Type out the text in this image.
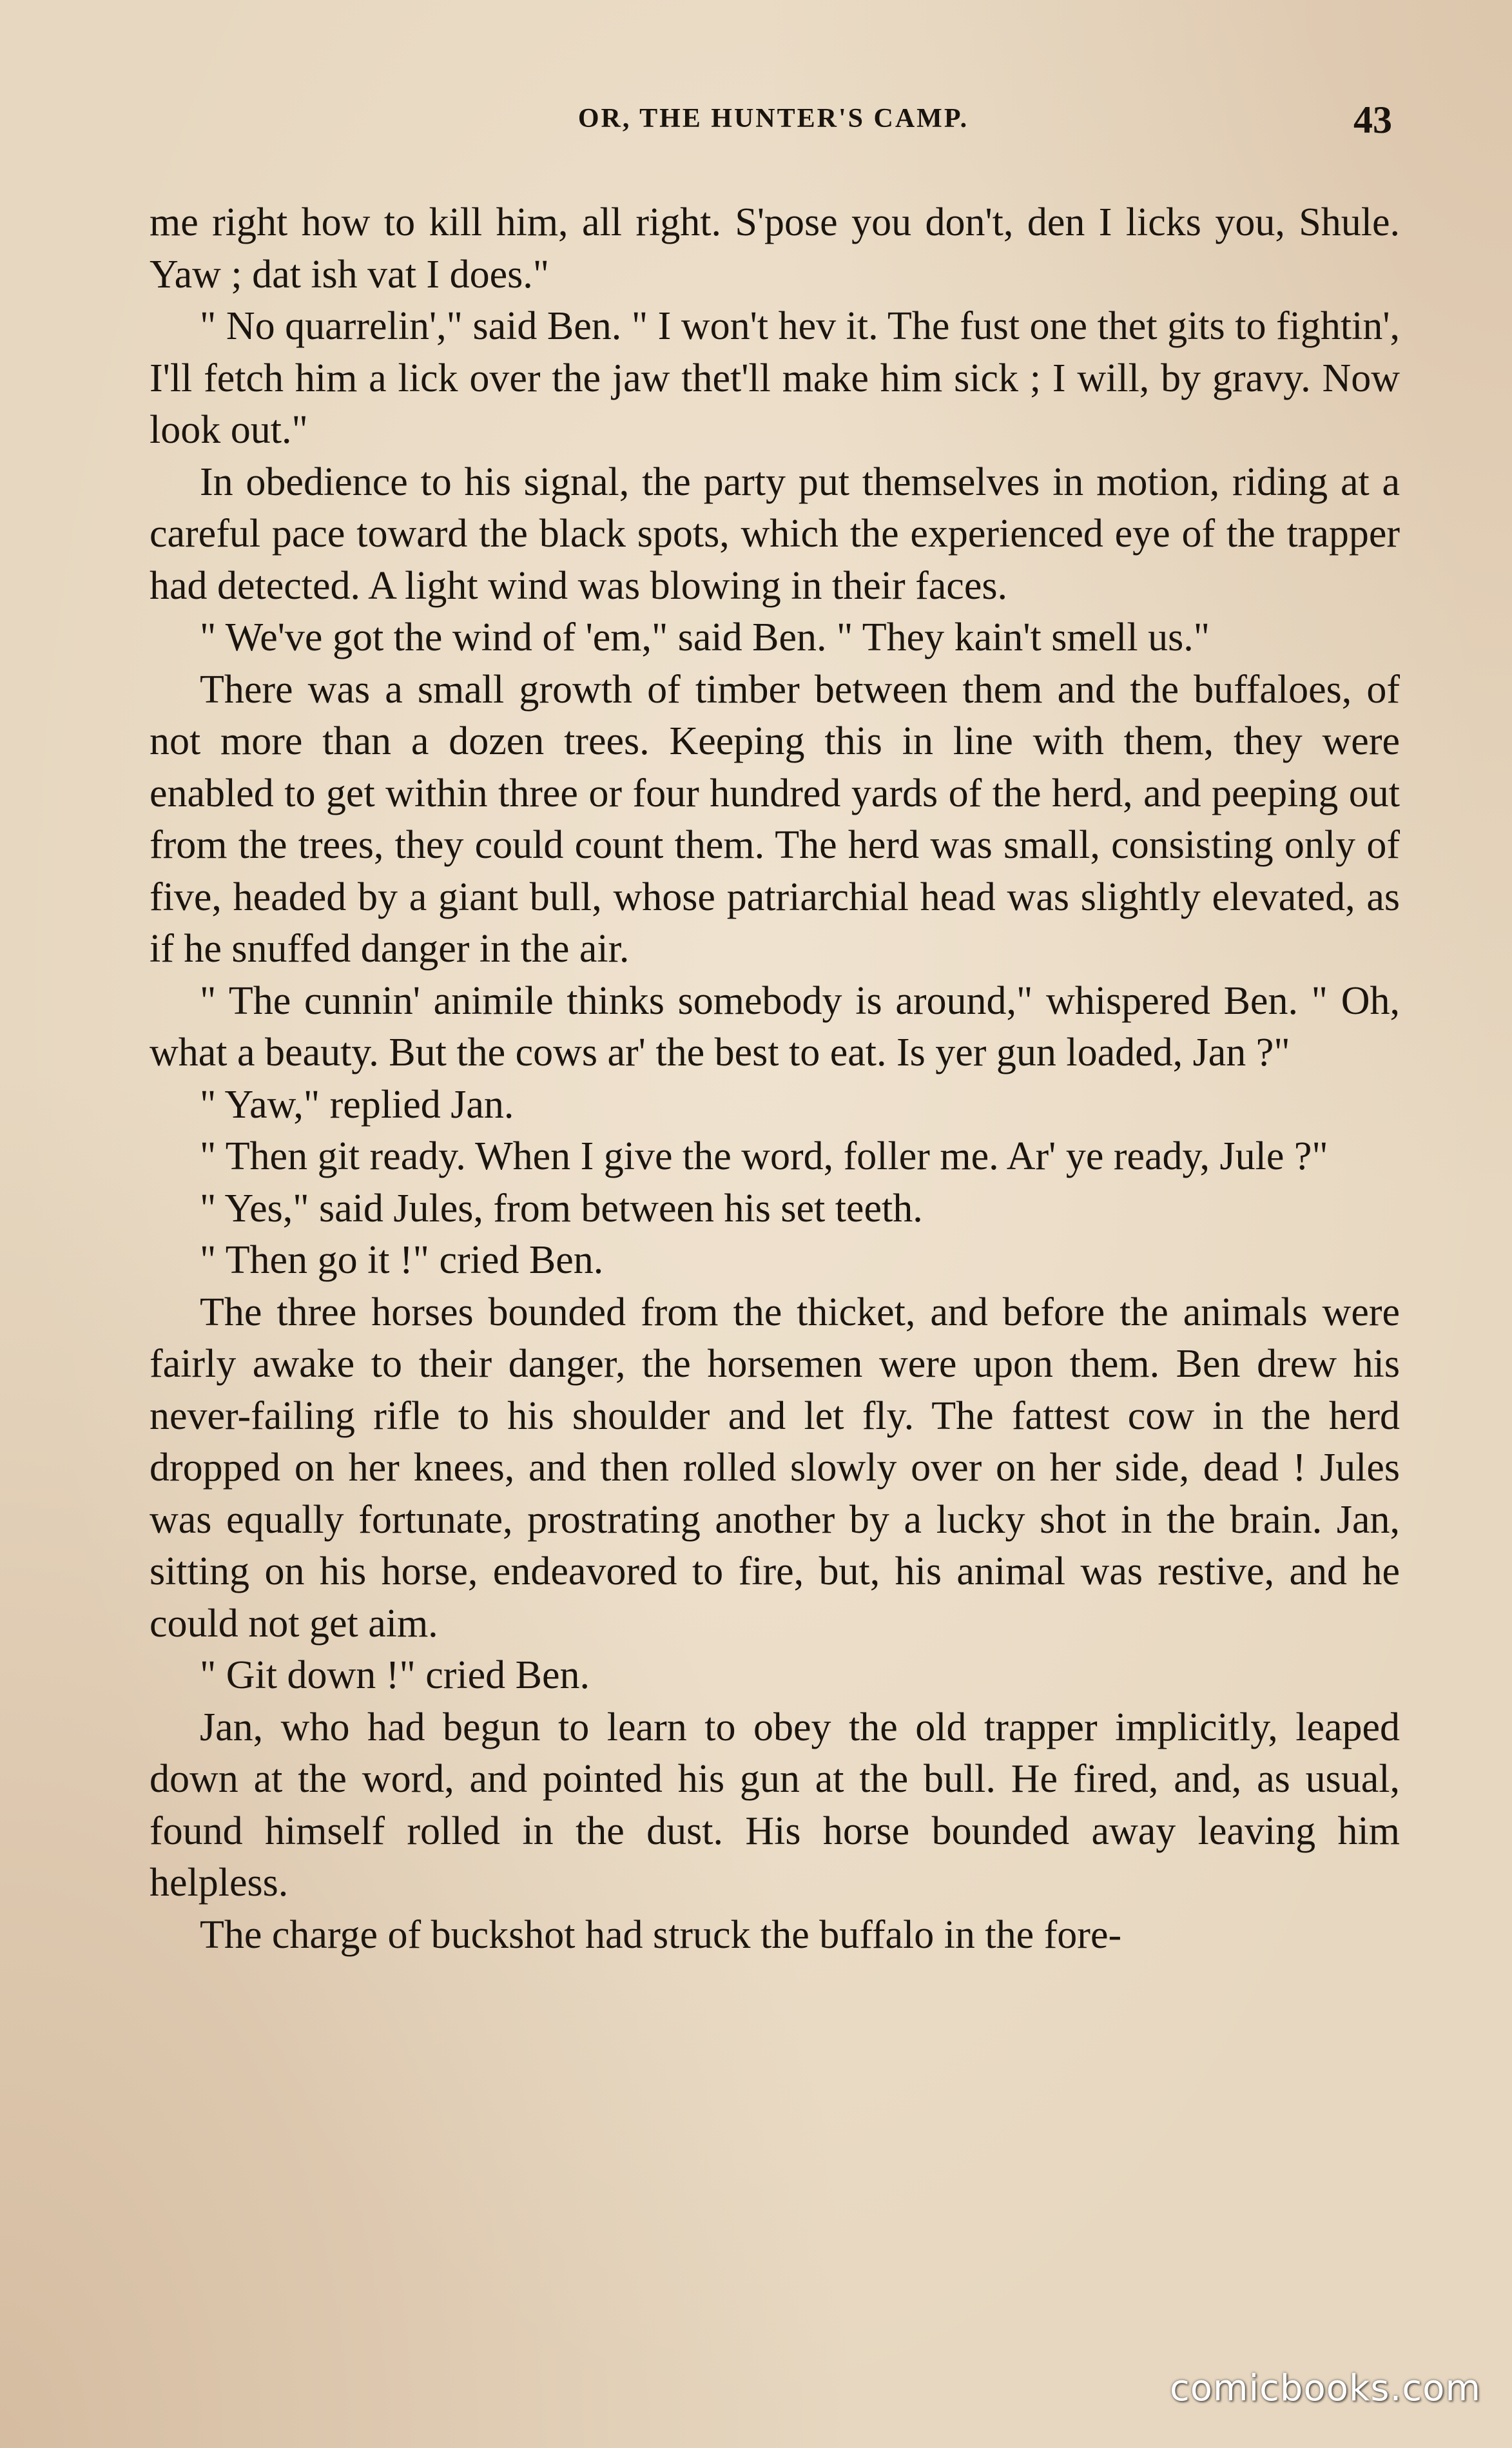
OR, THE HUNTER'S CAMP.	43

me right how to kill him, all right. S'pose you don't, den I licks you, Shule. Yaw ; dat ish vat I does."

" No quarrelin'," said Ben. " I won't hev it. The fust one thet gits to fightin', I'll fetch him a lick over the jaw thet'll make him sick ; I will, by gravy. Now look out."

In obedience to his signal, the party put themselves in motion, riding at a careful pace toward the black spots, which the experienced eye of the trapper had detected. A light wind was blowing in their faces.

" We've got the wind of 'em," said Ben. " They kain't smell us."

There was a small growth of timber between them and the buffaloes, of not more than a dozen trees. Keeping this in line with them, they were enabled to get within three or four hundred yards of the herd, and peeping out from the trees, they could count them. The herd was small, consisting only of five, headed by a giant bull, whose patriarchial head was slightly elevated, as if he snuffed danger in the air.

" The cunnin' animile thinks somebody is around," whispered Ben. " Oh, what a beauty. But the cows ar' the best to eat. Is yer gun loaded, Jan ?"

" Yaw," replied Jan.

" Then git ready. When I give the word, foller me. Ar' ye ready, Jule ?"

" Yes," said Jules, from between his set teeth.

" Then go it !" cried Ben.

The three horses bounded from the thicket, and before the animals were fairly awake to their danger, the horsemen were upon them. Ben drew his never-failing rifle to his shoulder and let fly. The fattest cow in the herd dropped on her knees, and then rolled slowly over on her side, dead ! Jules was equally fortunate, prostrating another by a lucky shot in the brain. Jan, sitting on his horse, endeavored to fire, but, his animal was restive, and he could not get aim.

" Git down !" cried Ben.

Jan, who had begun to learn to obey the old trapper implicitly, leaped down at the word, and pointed his gun at the bull. He fired, and, as usual, found himself rolled in the dust. His horse bounded away leaving him helpless.

The charge of buckshot had struck the buffalo in the fore-

comicbooks.com
